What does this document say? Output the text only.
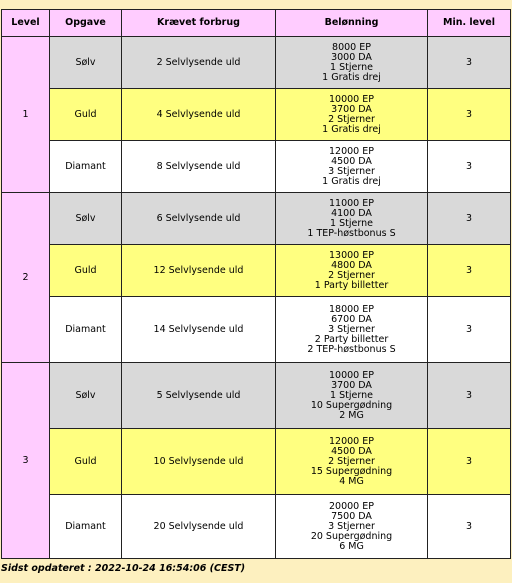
Level	Opgave	Krævet forbrug	Belønning	Min. level
1	Sølv	2 Selvlysende uld	8000 EP
3000 DA
1 Stjerne
1 Gratis drej	3
	Guld	4 Selvlysende uld	10000 EP
3700 DA
2 Stjerner
1 Gratis drej	3
	Diamant	8 Selvlysende uld	12000 EP
4500 DA
3 Stjerner
1 Gratis drej	3
2	Sølv	6 Selvlysende uld	11000 EP
4100 DA
1 Stjerne
1 TEP-høstbonus S	3
	Guld	12 Selvlysende uld	13000 EP
4800 DA
2 Stjerner
1 Party billetter	3
	Diamant	14 Selvlysende uld	18000 EP
6700 DA
3 Stjerner
2 Party billetter
2 TEP-høstbonus S	3
3	Sølv	5 Selvlysende uld	10000 EP
3700 DA
1 Stjerne
10 Supergødning
2 MG	3
	Guld	10 Selvlysende uld	12000 EP
4500 DA
2 Stjerner
15 Supergødning
4 MG	3
	Diamant	20 Selvlysende uld	20000 EP
7500 DA
3 Stjerner
20 Supergødning
6 MG	3
Sidst opdateret : 2022-10-24 16:54:06 (CEST)
